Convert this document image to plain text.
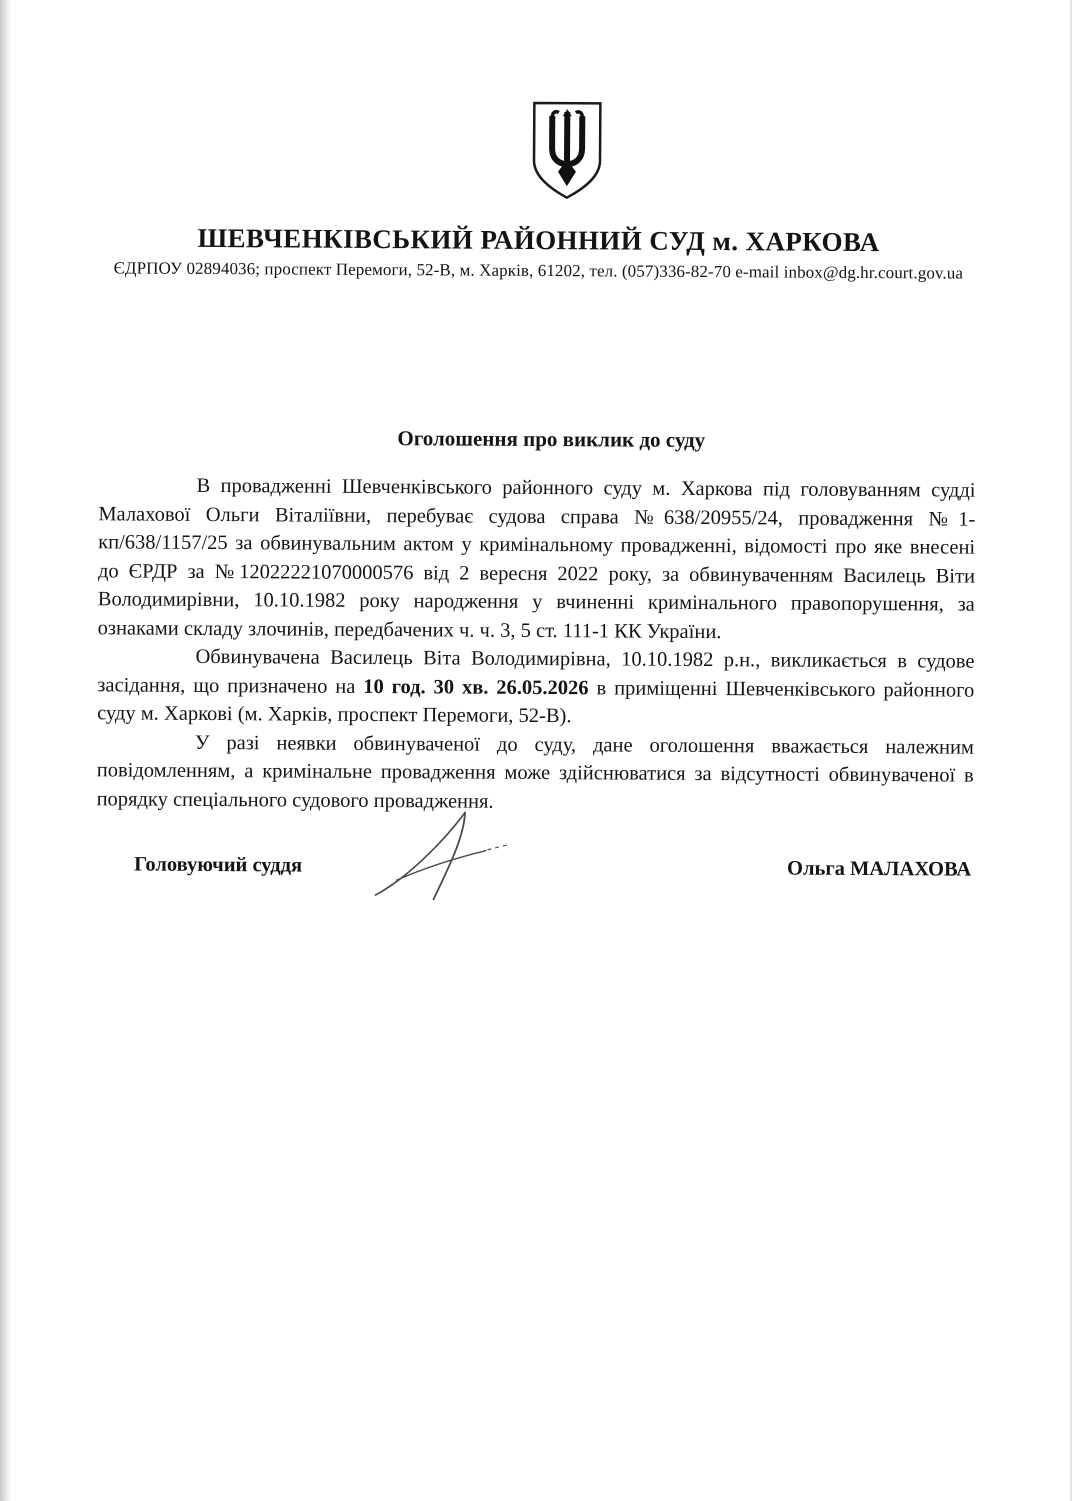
ШЕВЧЕНКІВСЬКИЙ РАЙОННИЙ СУД м. ХАРКОВА
ЄДРПОУ 02894036; проспект Перемоги, 52-В, м. Харків, 61202, тел. (057)336-82-70 e-mail inbox@dg.hr.court.gov.ua
Оголошення про виклик до суду

В провадженні Шевченківського районного суду м. Харкова під головуванням судді Малахової Ольги Віталіївни, перебуває судова справа №638/20955/24, провадження №1-кп/638/1157/25 за обвинувальним актом у кримінальному провадженні, відомості про яке внесені до ЄРДР за №12022221070000576 від 2 вересня 2022 року, за обвинуваченням Василець Віти Володимирівни, 10.10.1982 року народження у вчиненні кримінального правопорушення, за ознаками складу злочинів, передбачених ч. ч. 3, 5 ст. 111-1 КК України.

Обвинувачена Василець Віта Володимирівна, 10.10.1982 р.н., викликається в судове засідання, що призначено на 10 год. 30 хв. 26.05.2026 в приміщенні Шевченківського районного суду м. Харкові (м. Харків, проспект Перемоги, 52-В).

У разі неявки обвинуваченої до суду, дане оголошення вважається належним повідомленням, а кримінальне провадження може здійснюватися за відсутності обвинуваченої в порядку спеціального судового провадження.

Головуючий суддя	Ольга МАЛАХОВА
